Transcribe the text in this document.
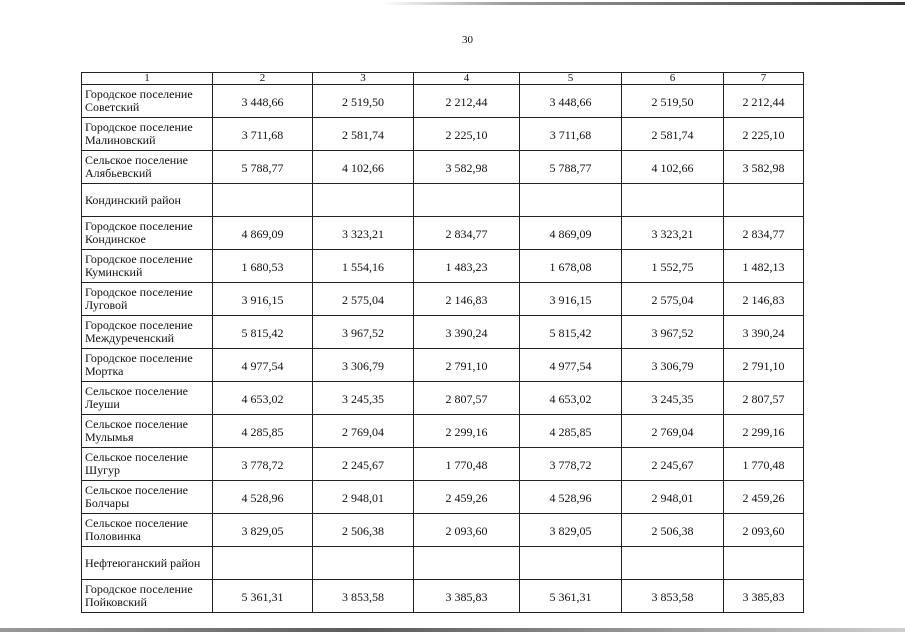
30
1	2	3	4	5	6	7
Городское поселение Советский	3 448,66	2 519,50	2 212,44	3 448,66	2 519,50	2 212,44
Городское поселение Малиновский	3 711,68	2 581,74	2 225,10	3 711,68	2 581,74	2 225,10
Сельское поселение Алябьевский	5 788,77	4 102,66	3 582,98	5 788,77	4 102,66	3 582,98
Кондинский район						
Городское поселение Кондинское	4 869,09	3 323,21	2 834,77	4 869,09	3 323,21	2 834,77
Городское поселение Куминский	1 680,53	1 554,16	1 483,23	1 678,08	1 552,75	1 482,13
Городское поселение Луговой	3 916,15	2 575,04	2 146,83	3 916,15	2 575,04	2 146,83
Городское поселение Междуреченский	5 815,42	3 967,52	3 390,24	5 815,42	3 967,52	3 390,24
Городское поселение Мортка	4 977,54	3 306,79	2 791,10	4 977,54	3 306,79	2 791,10
Сельское поселение Леуши	4 653,02	3 245,35	2 807,57	4 653,02	3 245,35	2 807,57
Сельское поселение Мулымья	4 285,85	2 769,04	2 299,16	4 285,85	2 769,04	2 299,16
Сельское поселение Шугур	3 778,72	2 245,67	1 770,48	3 778,72	2 245,67	1 770,48
Сельское поселение Болчары	4 528,96	2 948,01	2 459,26	4 528,96	2 948,01	2 459,26
Сельское поселение Половинка	3 829,05	2 506,38	2 093,60	3 829,05	2 506,38	2 093,60
Нефтеюганский район						
Городское поселение Пойковский	5 361,31	3 853,58	3 385,83	5 361,31	3 853,58	3 385,83
